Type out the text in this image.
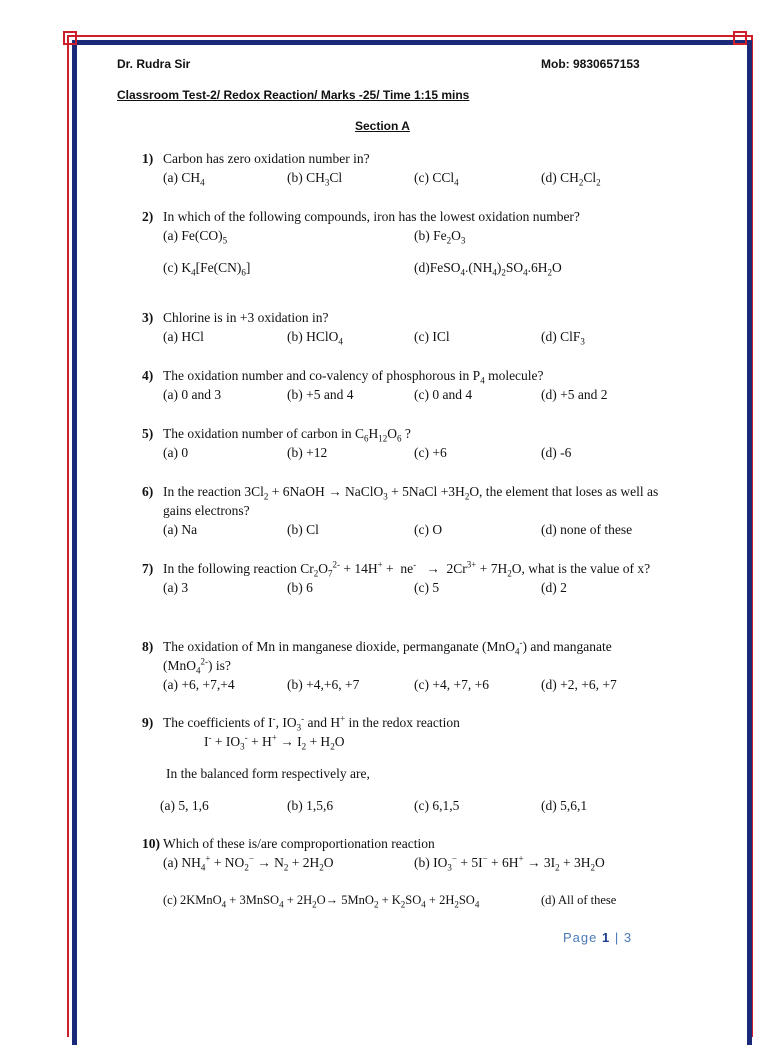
Dr. Rudra Sir	Mob: 9830657153
Classroom Test-2/ Redox Reaction/ Marks -25/ Time 1:15 mins
Section A
1) Carbon has zero oxidation number in?
(a) $CH_4$	(b) $CH_3Cl$	(c) CCl$_4$	(d) $CH_2Cl_2$
2) In which of the following compounds, iron has the lowest oxidation number?
(a) $Fe(CO)_5$	(b) $Fe_2O_3$
(c) $K_4[Fe(CN)_6]$	$(d)FeSO_4.(NH_4)_2SO_4.6H_2O$
3) Chlorine is in +3 oxidation in?
(a) HCl	(b) HClO$_4$	(c) ICl	(d) ClF$_3$
4) The oxidation number and co-valency of phosphorous in $P_4$ molecule?
(a) 0 and 3	(b) +5 and 4	(c) 0 and 4	(d) +5 and 2
5) The oxidation number of carbon in $C_6H_{12}O_6$ ?
(a) 0	(b) +12	(c) +6	(d) -6
6) In the reaction $3Cl_2$ + 6NaOH → NaClO$_3$ + 5NaCl $+3H_2O$, the element that loses as well as gains electrons?
(a) Na	(b) Cl	(c) O	(d) none of these
7) In the following reaction $Cr_2O_7^{2-} + 14H^+ + ne^- \to 2Cr^{3+} + 7H_2O$, what is the value of x?
(a) 3	(b) 6	(c) 5	(d) 2
8) The oxidation of Mn in manganese dioxide, permanganate (MnO$_4$-) and manganate (MnO$_4^{2-}$) is?
(a) +6, +7,+4	(b) +4,+6, +7	(c) +4, +7, +6	(d) +2, +6, +7
9) The coefficients of I-, $IO_3^-$ and H+ in the redox reaction
$I^- + IO_3^- + H^+ \to I_2 + H_2O$
In the balanced form respectively are,
(a) 5, 1,6	(b) 1,5,6	(c) 6,1,5	(d) 5,6,1
10) Which of these is/are comproportionation reaction
(a) $NH_4^+ + NO_2^- \to N_2 + 2H_2O$	(b) $IO_3^- + 5I^- + 6H^+ \to 3I_2 + 3H_2O$
(c) 2KMnO$_4$ + 3MnSO$_4$ + $2H_2O\to 5MnO_2 + K_2SO_4 + 2H_2SO_4$	(d) All of these
Page 1 | 3
